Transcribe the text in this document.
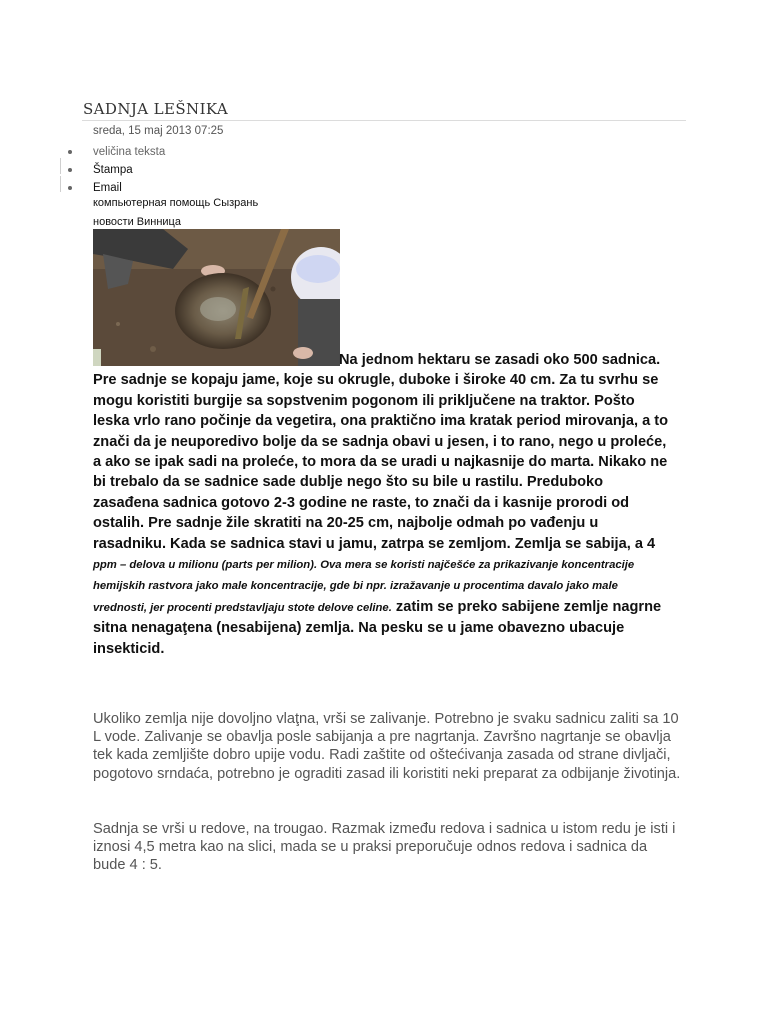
SADNJA LEŠNIKA
sreda, 15 maj 2013 07:25
veličina teksta
Štampa
Email
компьютерная помощь Сызрань
новости Винница
Na jednom hektaru se zasadi oko 500 sadnica. Pre sadnje se kopaju jame, koje su okrugle, duboke i široke 40 cm. Za tu svrhu se mogu koristiti burgije sa sopstvenim pogonom ili priključene na traktor. Pošto leska vrlo rano počinje da vegetira, ona praktično ima kratak period mirovanja, a to znači da je neuporedivo bolje da se sadnja obavi u jesen, i to rano, nego u proleće, a ako se ipak sadi na proleće, to mora da se uradi u najkasnije do marta. Nikako ne bi trebalo da se sadnice sade dublje nego što su bile u rastilu. Preduboko zasađena sadnica gotovo 2-3 godine ne raste, to znači da i kasnije prorodi od ostalih. Pre sadnje žile skratiti na 20-25 cm, najbolje odmah po vađenju u rasadniku. Kada se sadnica stavi u jamu, zatrpa se zemljom. Zemlja se sabija, a 4 ppm – delova u milionu (parts per milion). Ova mera se koristi najčešće za prikazivanje koncentracije hemijskih rastvora jako male koncentracije, gde bi npr. izražavanje u procentima davalo jako male vrednosti, jer procenti predstavljaju stote delove celine. zatim se preko sabijene zemlje nagrne sitna nenagaţena (nesabijena) zemlja. Na pesku se u jame obavezno ubacuje insekticid.

Ukoliko zemlja nije dovoljno vlaţna, vrši se zalivanje. Potrebno je svaku sadnicu zaliti sa 10 L vode. Zalivanje se obavlja posle sabijanja a pre nagrtanja. Završno nagrtanje se obavlja tek kada zemljište dobro upije vodu. Radi zaštite od oštećivanja zasada od strane divljači, pogotovo srndaća, potrebno je ograditi zasad ili koristiti neki preparat za odbijanje životinja.

Sadnja se vrši u redove, na trougao. Razmak između redova i sadnica u istom redu je isti i iznosi 4,5 metra kao na slici, mada se u praksi preporučuje odnos redova i sadnica da bude 4 : 5.
